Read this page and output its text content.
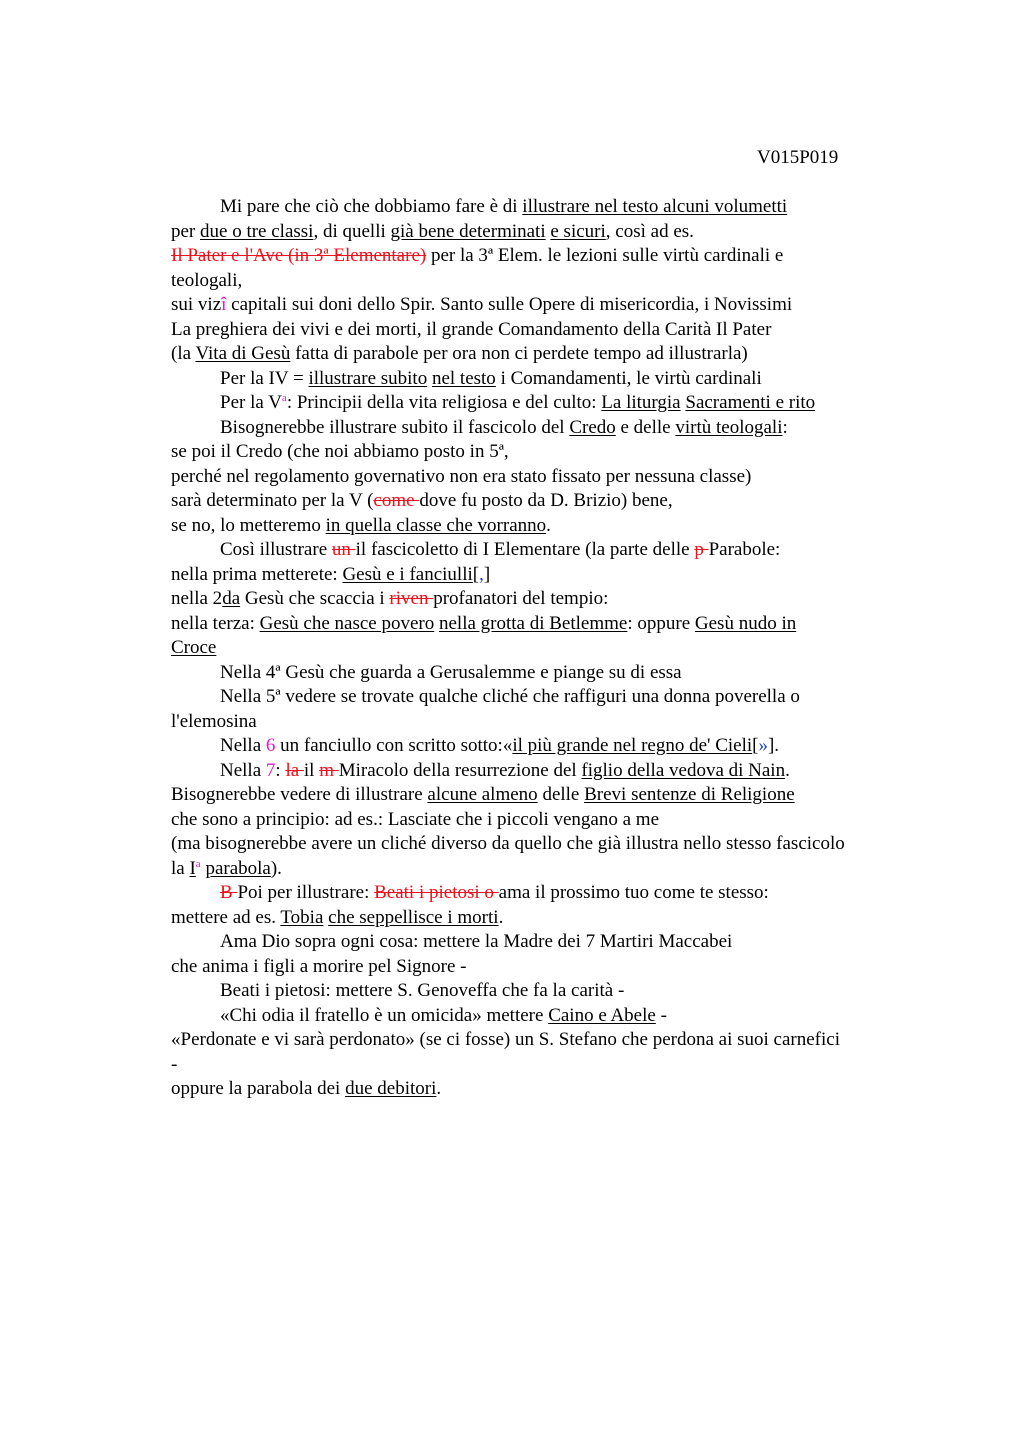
V015P019
Mi pare che ciò che dobbiamo fare è di illustrare nel testo alcuni volumetti
per due o tre classi, di quelli già bene determinati e sicuri, così ad es.
Il Pater e l'Ave (in 3ª Elementare) per la 3ª Elem. le lezioni sulle virtù cardinali e
teologali,
sui vizî capitali sui doni dello Spir. Santo sulle Opere di misericordia, i Novissimi
La preghiera dei vivi e dei morti, il grande Comandamento della Carità Il Pater
(la Vita di Gesù fatta di parabole per ora non ci perdete tempo ad illustrarla)
Per la IV = illustrare subito nel testo i Comandamenti, le virtù cardinali
Per la $V^a$: Principii della vita religiosa e del culto: La liturgia Sacramenti e rito
Bisognerebbe illustrare subito il fascicolo del Credo e delle virtù teologali:
se poi il Credo (che noi abbiamo posto in 5ª,
perché nel regolamento governativo non era stato fissato per nessuna classe)
sarà determinato per la V (come dove fu posto da D. Brizio) bene,
se no, lo metteremo in quella classe che vorranno.
Così illustrare un il fascicoletto di I Elementare (la parte delle p Parabole:
nella prima metterete: Gesù e i fanciulli[,]
nella 2da Gesù che scaccia i riven profanatori del tempio:
nella terza: Gesù che nasce povero nella grotta di Betlemme: oppure Gesù nudo in
Croce
Nella 4ª Gesù che guarda a Gerusalemme e piange su di essa
Nella 5ª vedere se trovate qualche cliché che raffiguri una donna poverella o
l'elemosina
Nella 6 un fanciullo con scritto sotto:«il più grande nel regno de' Cieli[»].
Nella 7: la il m Miracolo della resurrezione del figlio della vedova di Nain.
Bisognerebbe vedere di illustrare alcune almeno delle Brevi sentenze di Religione
che sono a principio: ad es.: Lasciate che i piccoli vengano a me
(ma bisognerebbe avere un cliché diverso da quello che già illustra nello stesso fascicolo
la $I^a$ parabola).
B Poi per illustrare: Beati i pietosi o ama il prossimo tuo come te stesso:
mettere ad es. Tobia che seppellisce i morti.
Ama Dio sopra ogni cosa: mettere la Madre dei 7 Martiri Maccabei
che anima i figli a morire pel Signore -
Beati i pietosi: mettere S. Genoveffa che fa la carità -
«Chi odia il fratello è un omicida» mettere Caino e Abele -
«Perdonate e vi sarà perdonato» (se ci fosse) un S. Stefano che perdona ai suoi carnefici
-
oppure la parabola dei due debitori.
